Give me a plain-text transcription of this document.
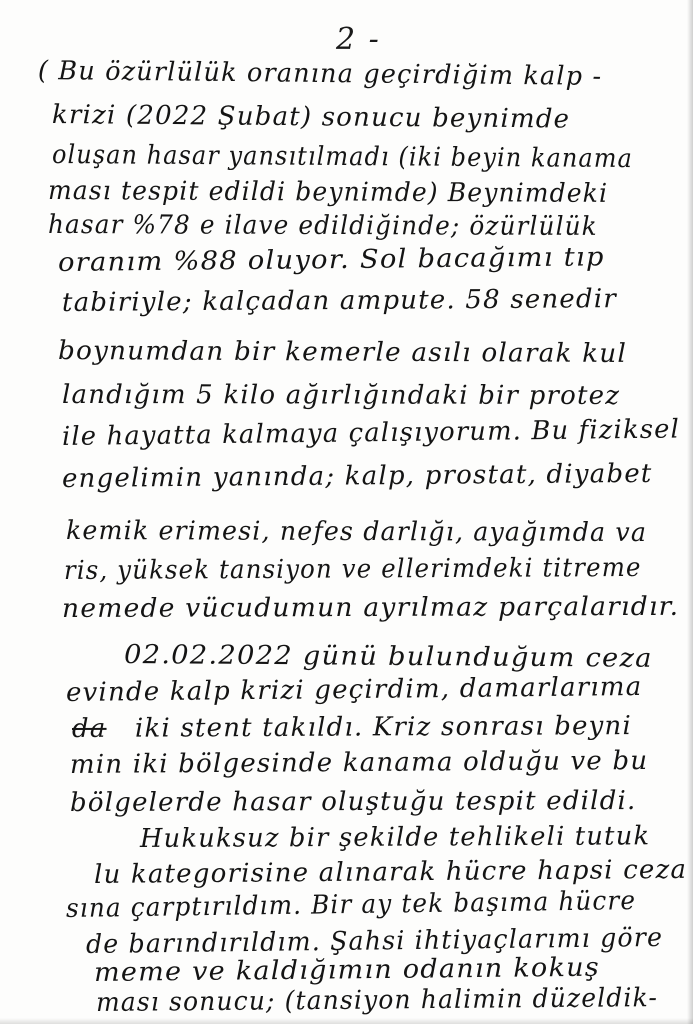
2 -
( Bu özürlülük oranına geçirdiğim kalp -
krizi (2022 Şubat) sonucu beynimde
oluşan hasar yansıtılmadı (iki beyin kanama
ması tespit edildi beynimde) Beynimdeki
hasar %78 e ilave edildiğinde; özürlülük
oranım %88 oluyor. Sol bacağımı tıp
tabiriyle; kalçadan ampute. 58 senedir
boynumdan bir kemerle asılı olarak kul
landığım 5 kilo ağırlığındaki bir protez
ile hayatta kalmaya çalışıyorum. Bu fiziksel
engelimin yanında; kalp, prostat, diyabet
kemik erimesi, nefes darlığı, ayağımda va
ris, yüksek tansiyon ve ellerimdeki titreme
nemede vücudumun ayrılmaz parçalarıdır.
02.02.2022 günü bulunduğum ceza
evinde kalp krizi geçirdim, damarlarıma
da iki stent takıldı. Kriz sonrası beyni
min iki bölgesinde kanama olduğu ve bu
bölgelerde hasar oluştuğu tespit edildi.
Hukuksuz bir şekilde tehlikeli tutuk
lu kategorisine alınarak hücre hapsi ceza
sına çarptırıldım. Bir ay tek başıma hücre
de barındırıldım. Şahsi ihtiyaçlarımı göre
meme ve kaldığımın odanın kokuş
ması sonucu; (tansiyon halimin düzeldik-
